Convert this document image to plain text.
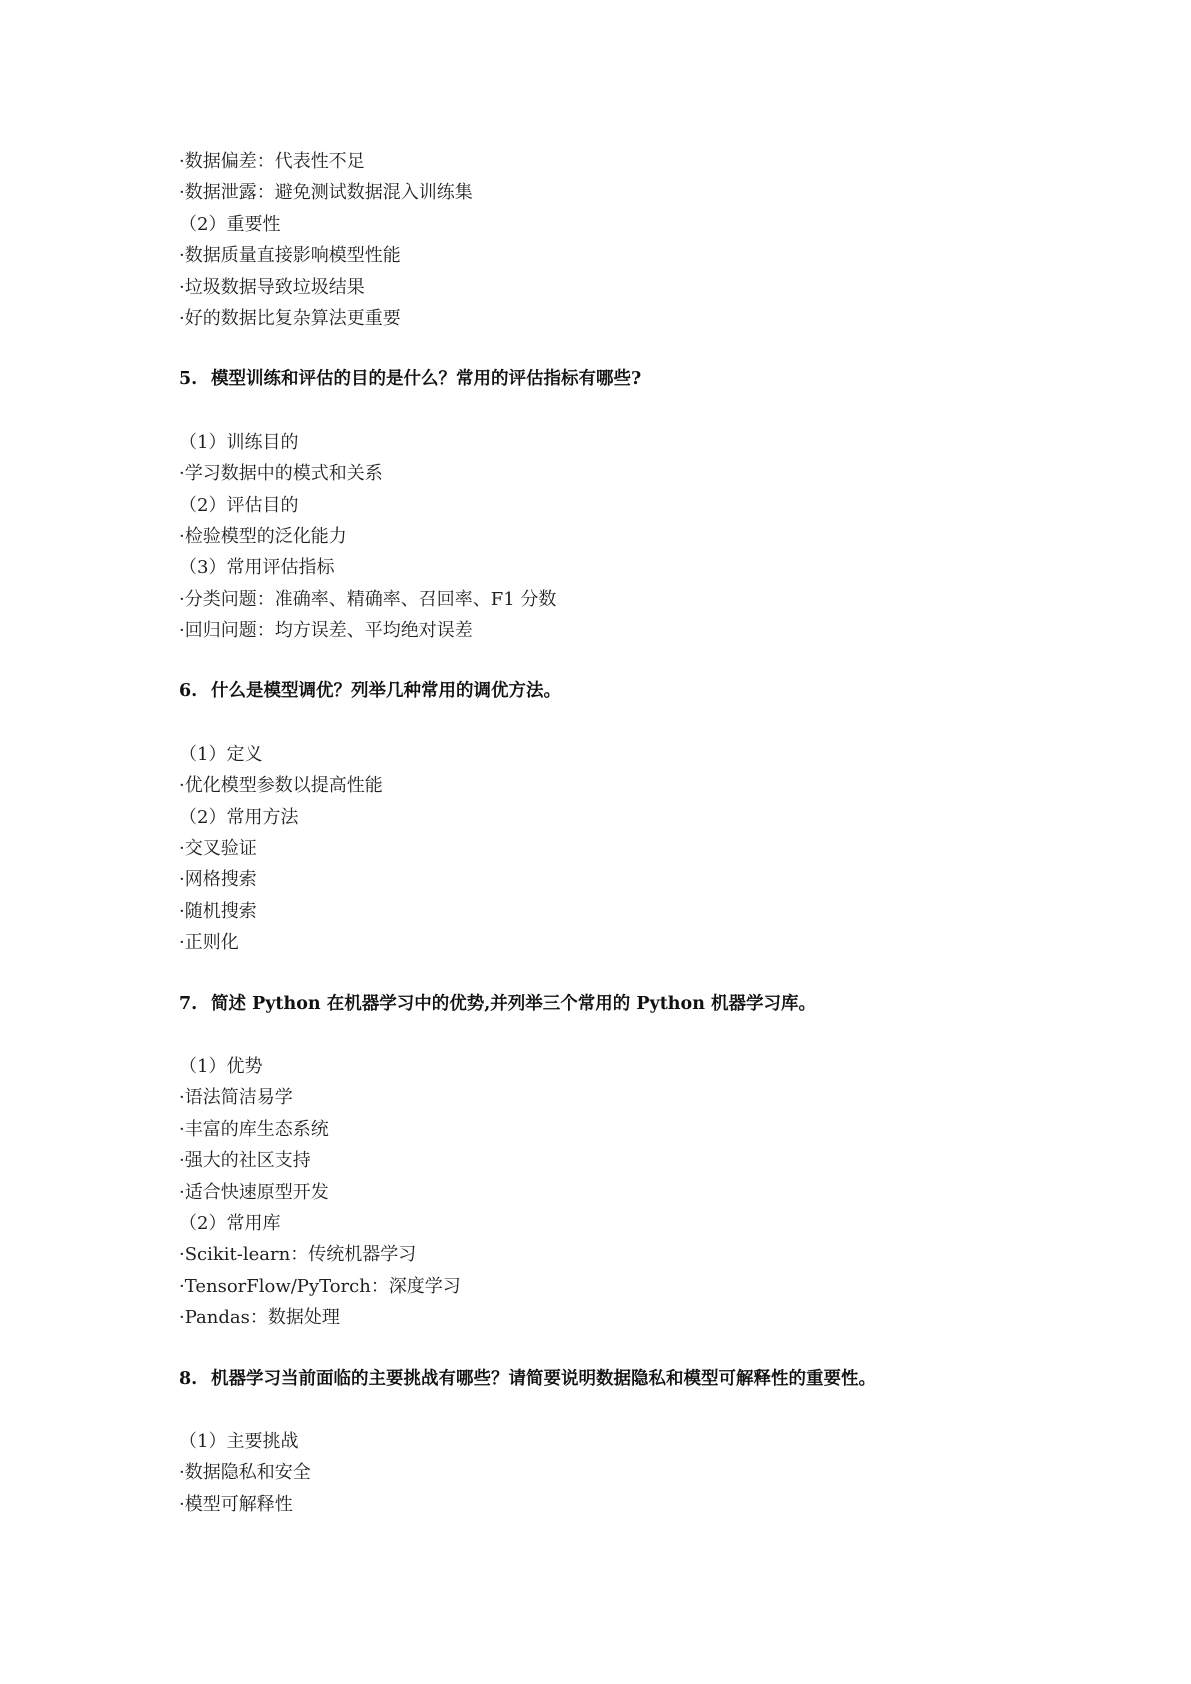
·数据偏差：代表性不足
·数据泄露：避免测试数据混入训练集
（2）重要性
·数据质量直接影响模型性能
·垃圾数据导致垃圾结果
·好的数据比复杂算法更重要
5. 模型训练和评估的目的是什么？常用的评估指标有哪些?
（1）训练目的
·学习数据中的模式和关系
（2）评估目的
·检验模型的泛化能力
（3）常用评估指标
·分类问题：准确率、精确率、召回率、F1 分数
·回归问题：均方误差、平均绝对误差
6. 什么是模型调优？列举几种常用的调优方法。
（1）定义
·优化模型参数以提高性能
（2）常用方法
·交叉验证
·网格搜索
·随机搜索
·正则化
7. 简述 Python 在机器学习中的优势,并列举三个常用的 Python 机器学习库。
（1）优势
·语法简洁易学
·丰富的库生态系统
·强大的社区支持
·适合快速原型开发
（2）常用库
·Scikit-learn：传统机器学习
·TensorFlow/PyTorch：深度学习
·Pandas：数据处理
8. 机器学习当前面临的主要挑战有哪些？请简要说明数据隐私和模型可解释性的重要性。
（1）主要挑战
·数据隐私和安全
·模型可解释性
